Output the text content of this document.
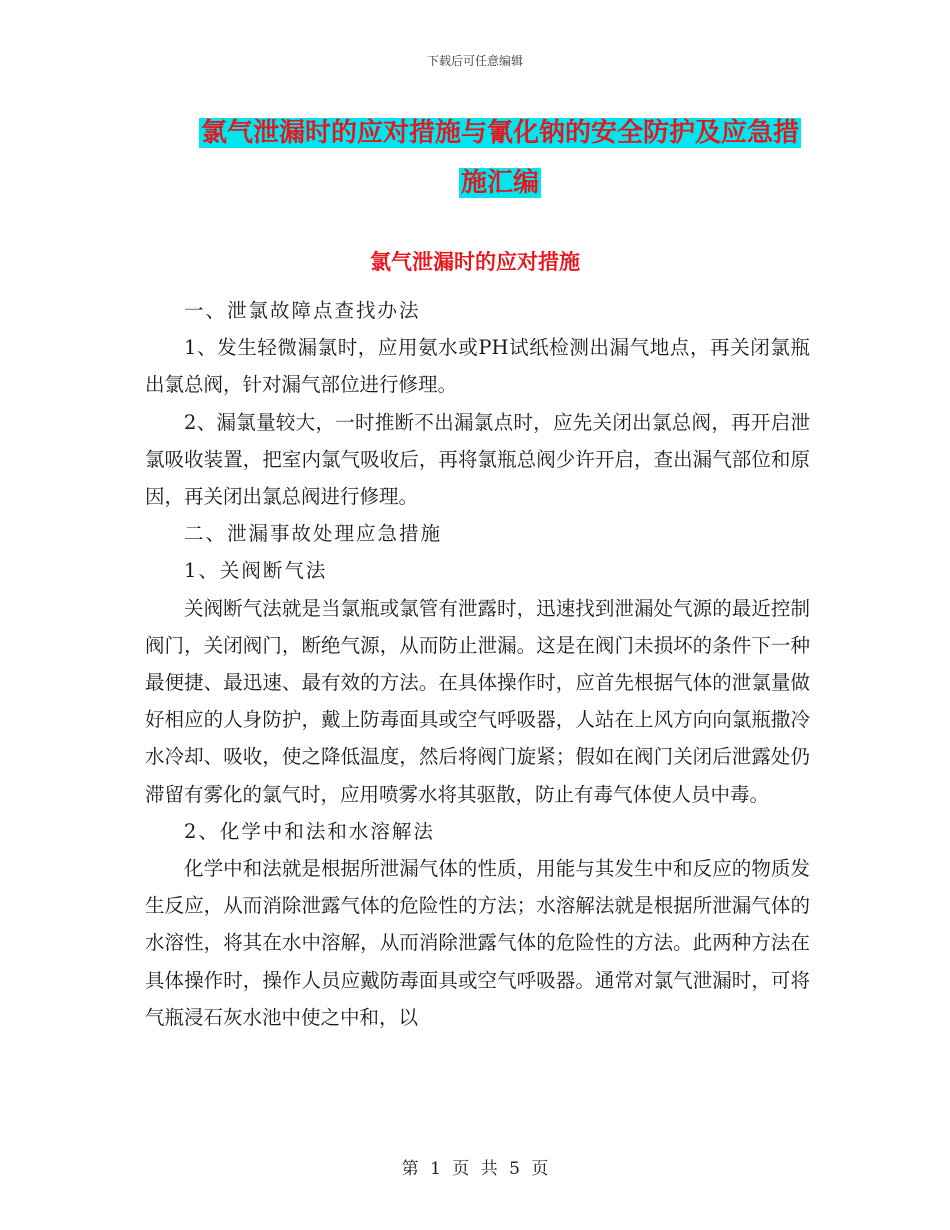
下载后可任意编辑
氯气泄漏时的应对措施与氰化钠的安全防护及应急措
施汇编
氯气泄漏时的应对措施

一、泄氯故障点查找办法

1、发生轻微漏氯时，应用氨水或PH试纸检测出漏气地点，再关闭氯瓶出氯总阀，针对漏气部位进行修理。

2、漏氯量较大，一时推断不出漏氯点时，应先关闭出氯总阀，再开启泄氯吸收装置，把室内氯气吸收后，再将氯瓶总阀少许开启，查出漏气部位和原因，再关闭出氯总阀进行修理。

二、泄漏事故处理应急措施

1、关阀断气法

关阀断气法就是当氯瓶或氯管有泄露时，迅速找到泄漏处气源的最近控制阀门，关闭阀门，断绝气源，从而防止泄漏。这是在阀门未损坏的条件下一种最便捷、最迅速、最有效的方法。在具体操作时，应首先根据气体的泄氯量做好相应的人身防护，戴上防毒面具或空气呼吸器，人站在上风方向向氯瓶撒冷水冷却、吸收，使之降低温度，然后将阀门旋紧；假如在阀门关闭后泄露处仍滞留有雾化的氯气时，应用喷雾水将其驱散，防止有毒气体使人员中毒。

2、化学中和法和水溶解法

化学中和法就是根据所泄漏气体的性质，用能与其发生中和反应的物质发生反应，从而消除泄露气体的危险性的方法；水溶解法就是根据所泄漏气体的水溶性，将其在水中溶解，从而消除泄露气体的危险性的方法。此两种方法在具体操作时，操作人员应戴防毒面具或空气呼吸器。通常对氯气泄漏时，可将气瓶浸石灰水池中使之中和，以

第 1 页 共 5 页
